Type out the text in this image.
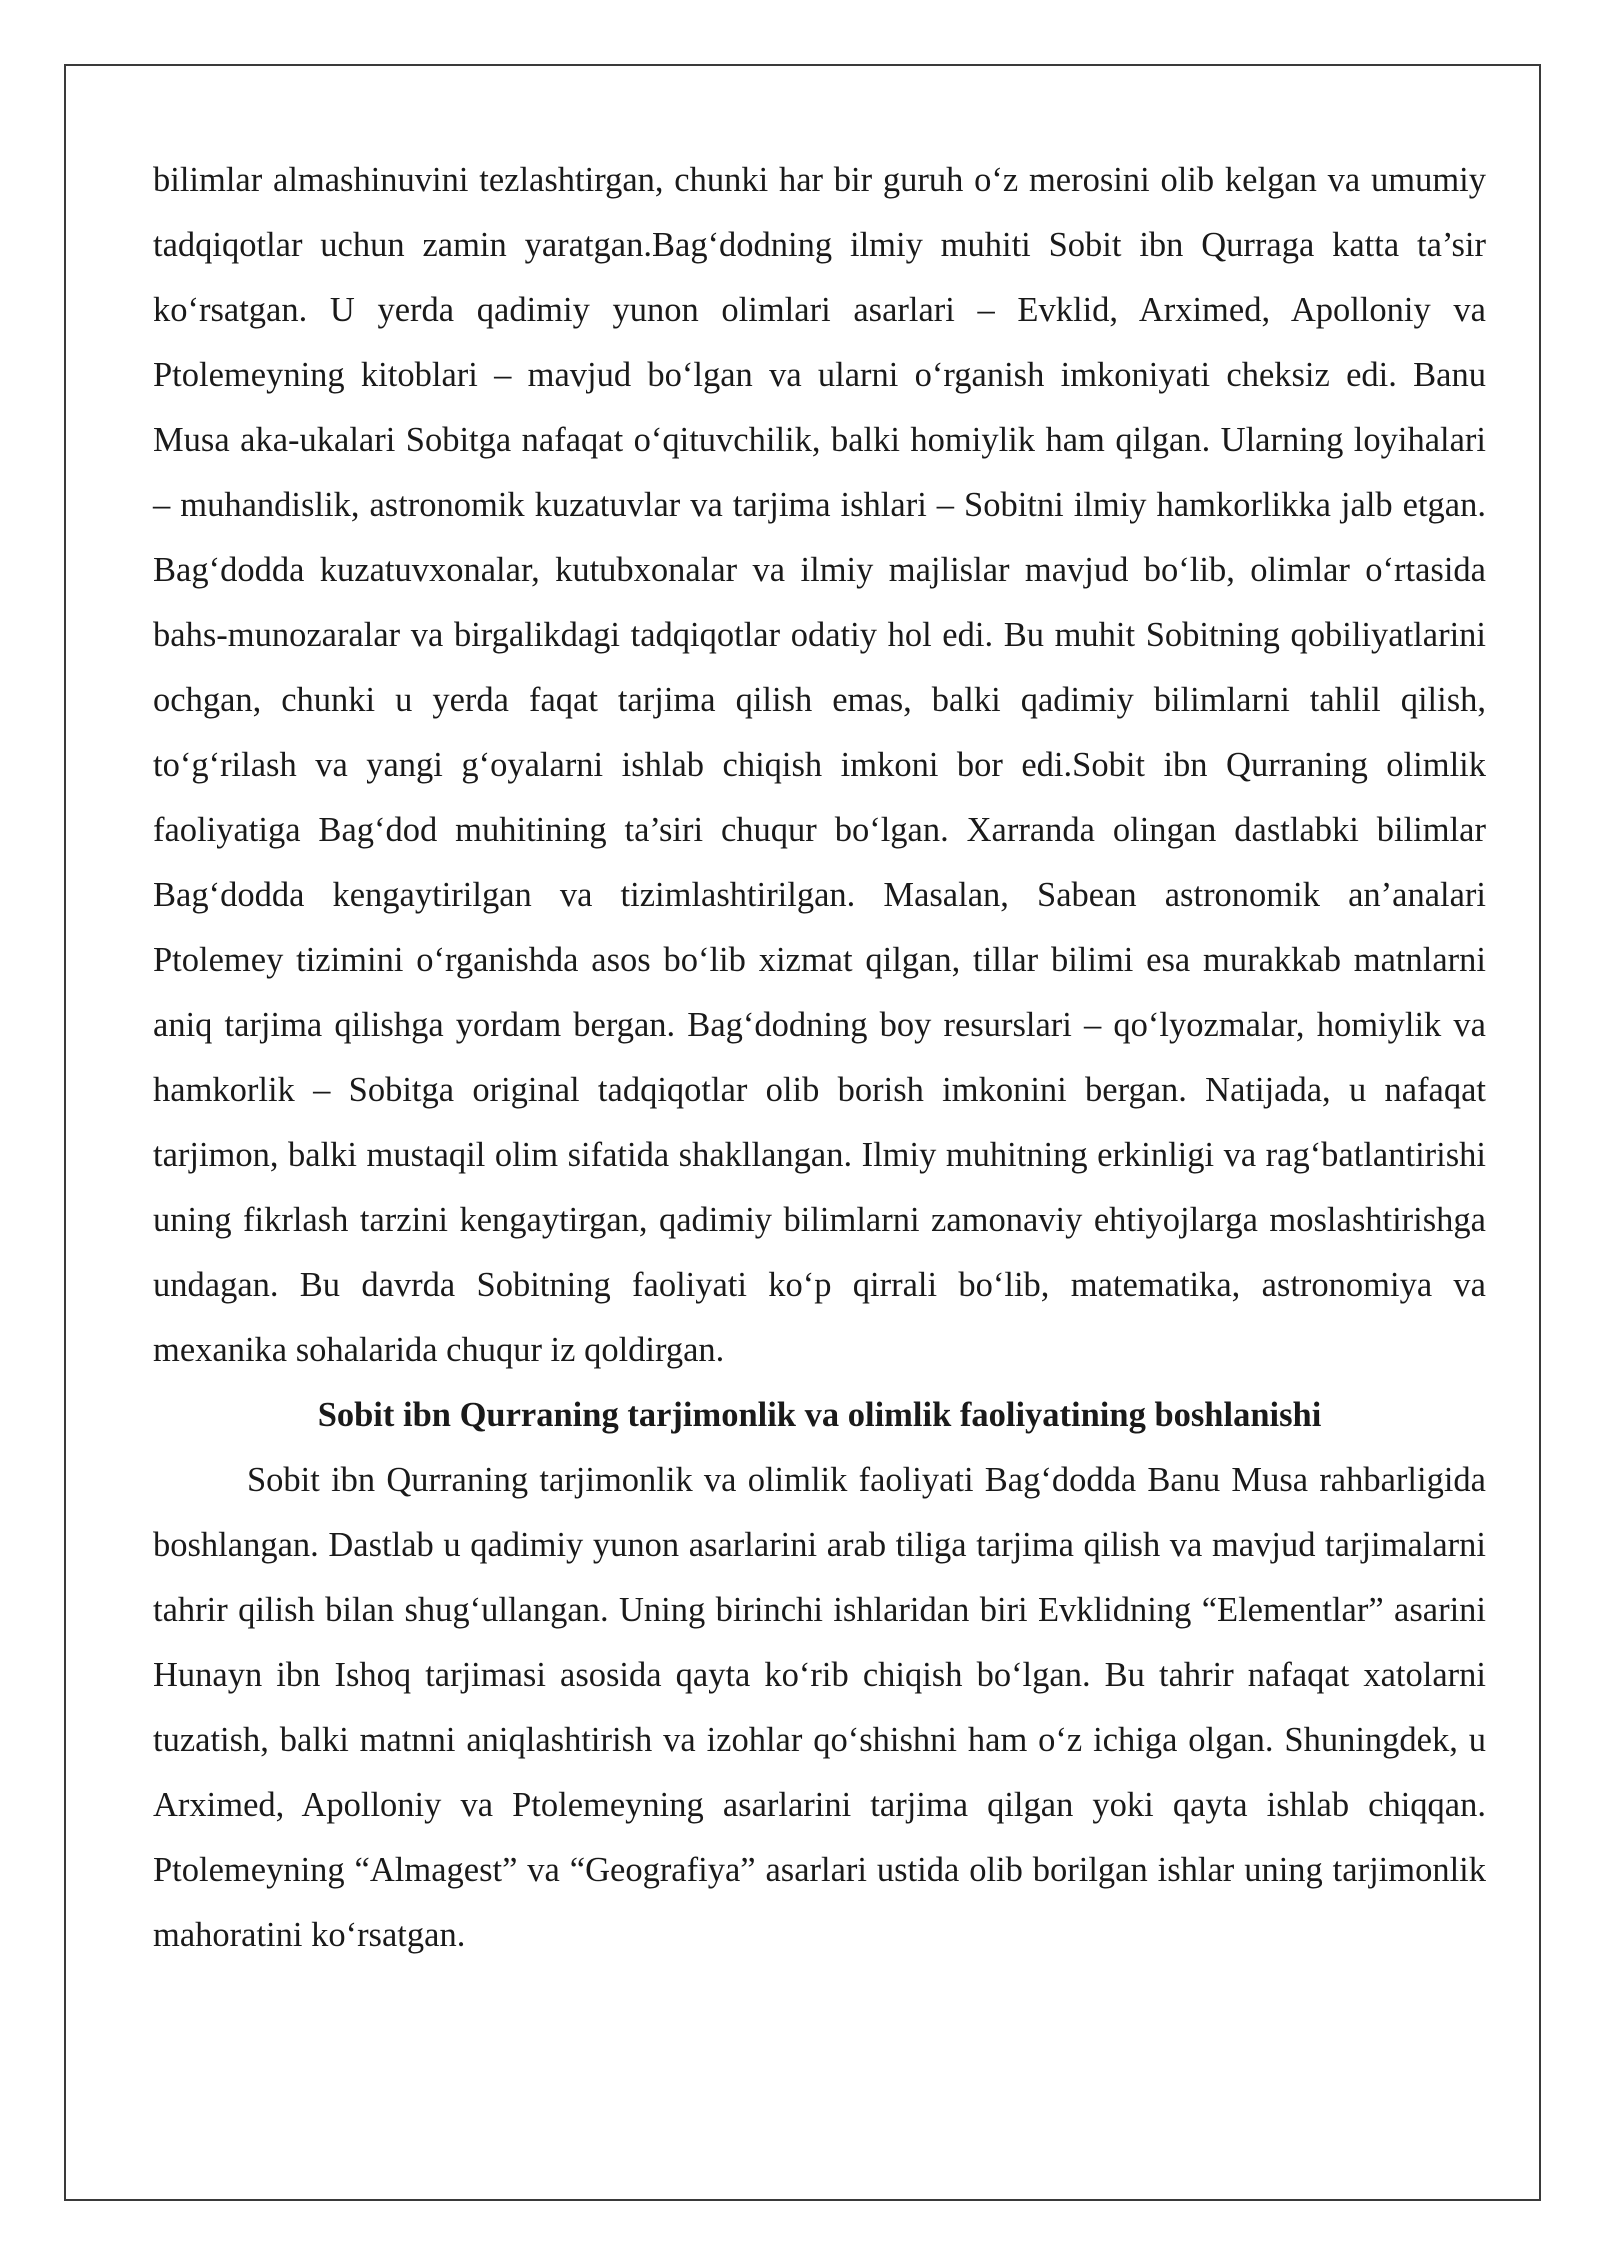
bilimlar almashinuvini tezlashtirgan, chunki har bir guruh o‘z merosini olib kelgan va umumiy tadqiqotlar uchun zamin yaratgan.Bag‘dodning ilmiy muhiti Sobit ibn Qurraga katta ta’sir ko‘rsatgan. U yerda qadimiy yunon olimlari asarlari – Evklid, Arximed, Apolloniy va Ptolemeyning kitoblari – mavjud bo‘lgan va ularni o‘rganish imkoniyati cheksiz edi. Banu Musa aka-ukalari Sobitga nafaqat o‘qituvchilik, balki homiylik ham qilgan. Ularning loyihalari – muhandislik, astronomik kuzatuvlar va tarjima ishlari – Sobitni ilmiy hamkorlikka jalb etgan. Bag‘dodda kuzatuvxonalar, kutubxonalar va ilmiy majlislar mavjud bo‘lib, olimlar o‘rtasida bahs-munozaralar va birgalikdagi tadqiqotlar odatiy hol edi. Bu muhit Sobitning qobiliyatlarini ochgan, chunki u yerda faqat tarjima qilish emas, balki qadimiy bilimlarni tahlil qilish, to‘g‘rilash va yangi g‘oyalarni ishlab chiqish imkoni bor edi.Sobit ibn Qurraning olimlik faoliyatiga Bag‘dod muhitining ta’siri chuqur bo‘lgan. Xarranda olingan dastlabki bilimlar Bag‘dodda kengaytirilgan va tizimlashtirilgan. Masalan, Sabean astronomik an’analari Ptolemey tizimini o‘rganishda asos bo‘lib xizmat qilgan, tillar bilimi esa murakkab matnlarni aniq tarjima qilishga yordam bergan. Bag‘dodning boy resurslari – qo‘lyozmalar, homiylik va hamkorlik – Sobitga original tadqiqotlar olib borish imkonini bergan. Natijada, u nafaqat tarjimon, balki mustaqil olim sifatida shakllangan. Ilmiy muhitning erkinligi va rag‘batlantirishi uning fikrlash tarzini kengaytirgan, qadimiy bilimlarni zamonaviy ehtiyojlarga moslashtirishga undagan. Bu davrda Sobitning faoliyati ko‘p qirrali bo‘lib, matematika, astronomiya va mexanika sohalarida chuqur iz qoldirgan.

Sobit ibn Qurraning tarjimonlik va olimlik faoliyatining boshlanishi

Sobit ibn Qurraning tarjimonlik va olimlik faoliyati Bag‘dodda Banu Musa rahbarligida boshlangan. Dastlab u qadimiy yunon asarlarini arab tiliga tarjima qilish va mavjud tarjimalarni tahrir qilish bilan shug‘ullangan. Uning birinchi ishlaridan biri Evklidning “Elementlar” asarini Hunayn ibn Ishoq tarjimasi asosida qayta ko‘rib chiqish bo‘lgan. Bu tahrir nafaqat xatolarni tuzatish, balki matnni aniqlashtirish va izohlar qo‘shishni ham o‘z ichiga olgan. Shuningdek, u Arximed, Apolloniy va Ptolemeyning asarlarini tarjima qilgan yoki qayta ishlab chiqqan. Ptolemeyning “Almagest” va “Geografiya” asarlari ustida olib borilgan ishlar uning tarjimonlik mahoratini ko‘rsatgan.
